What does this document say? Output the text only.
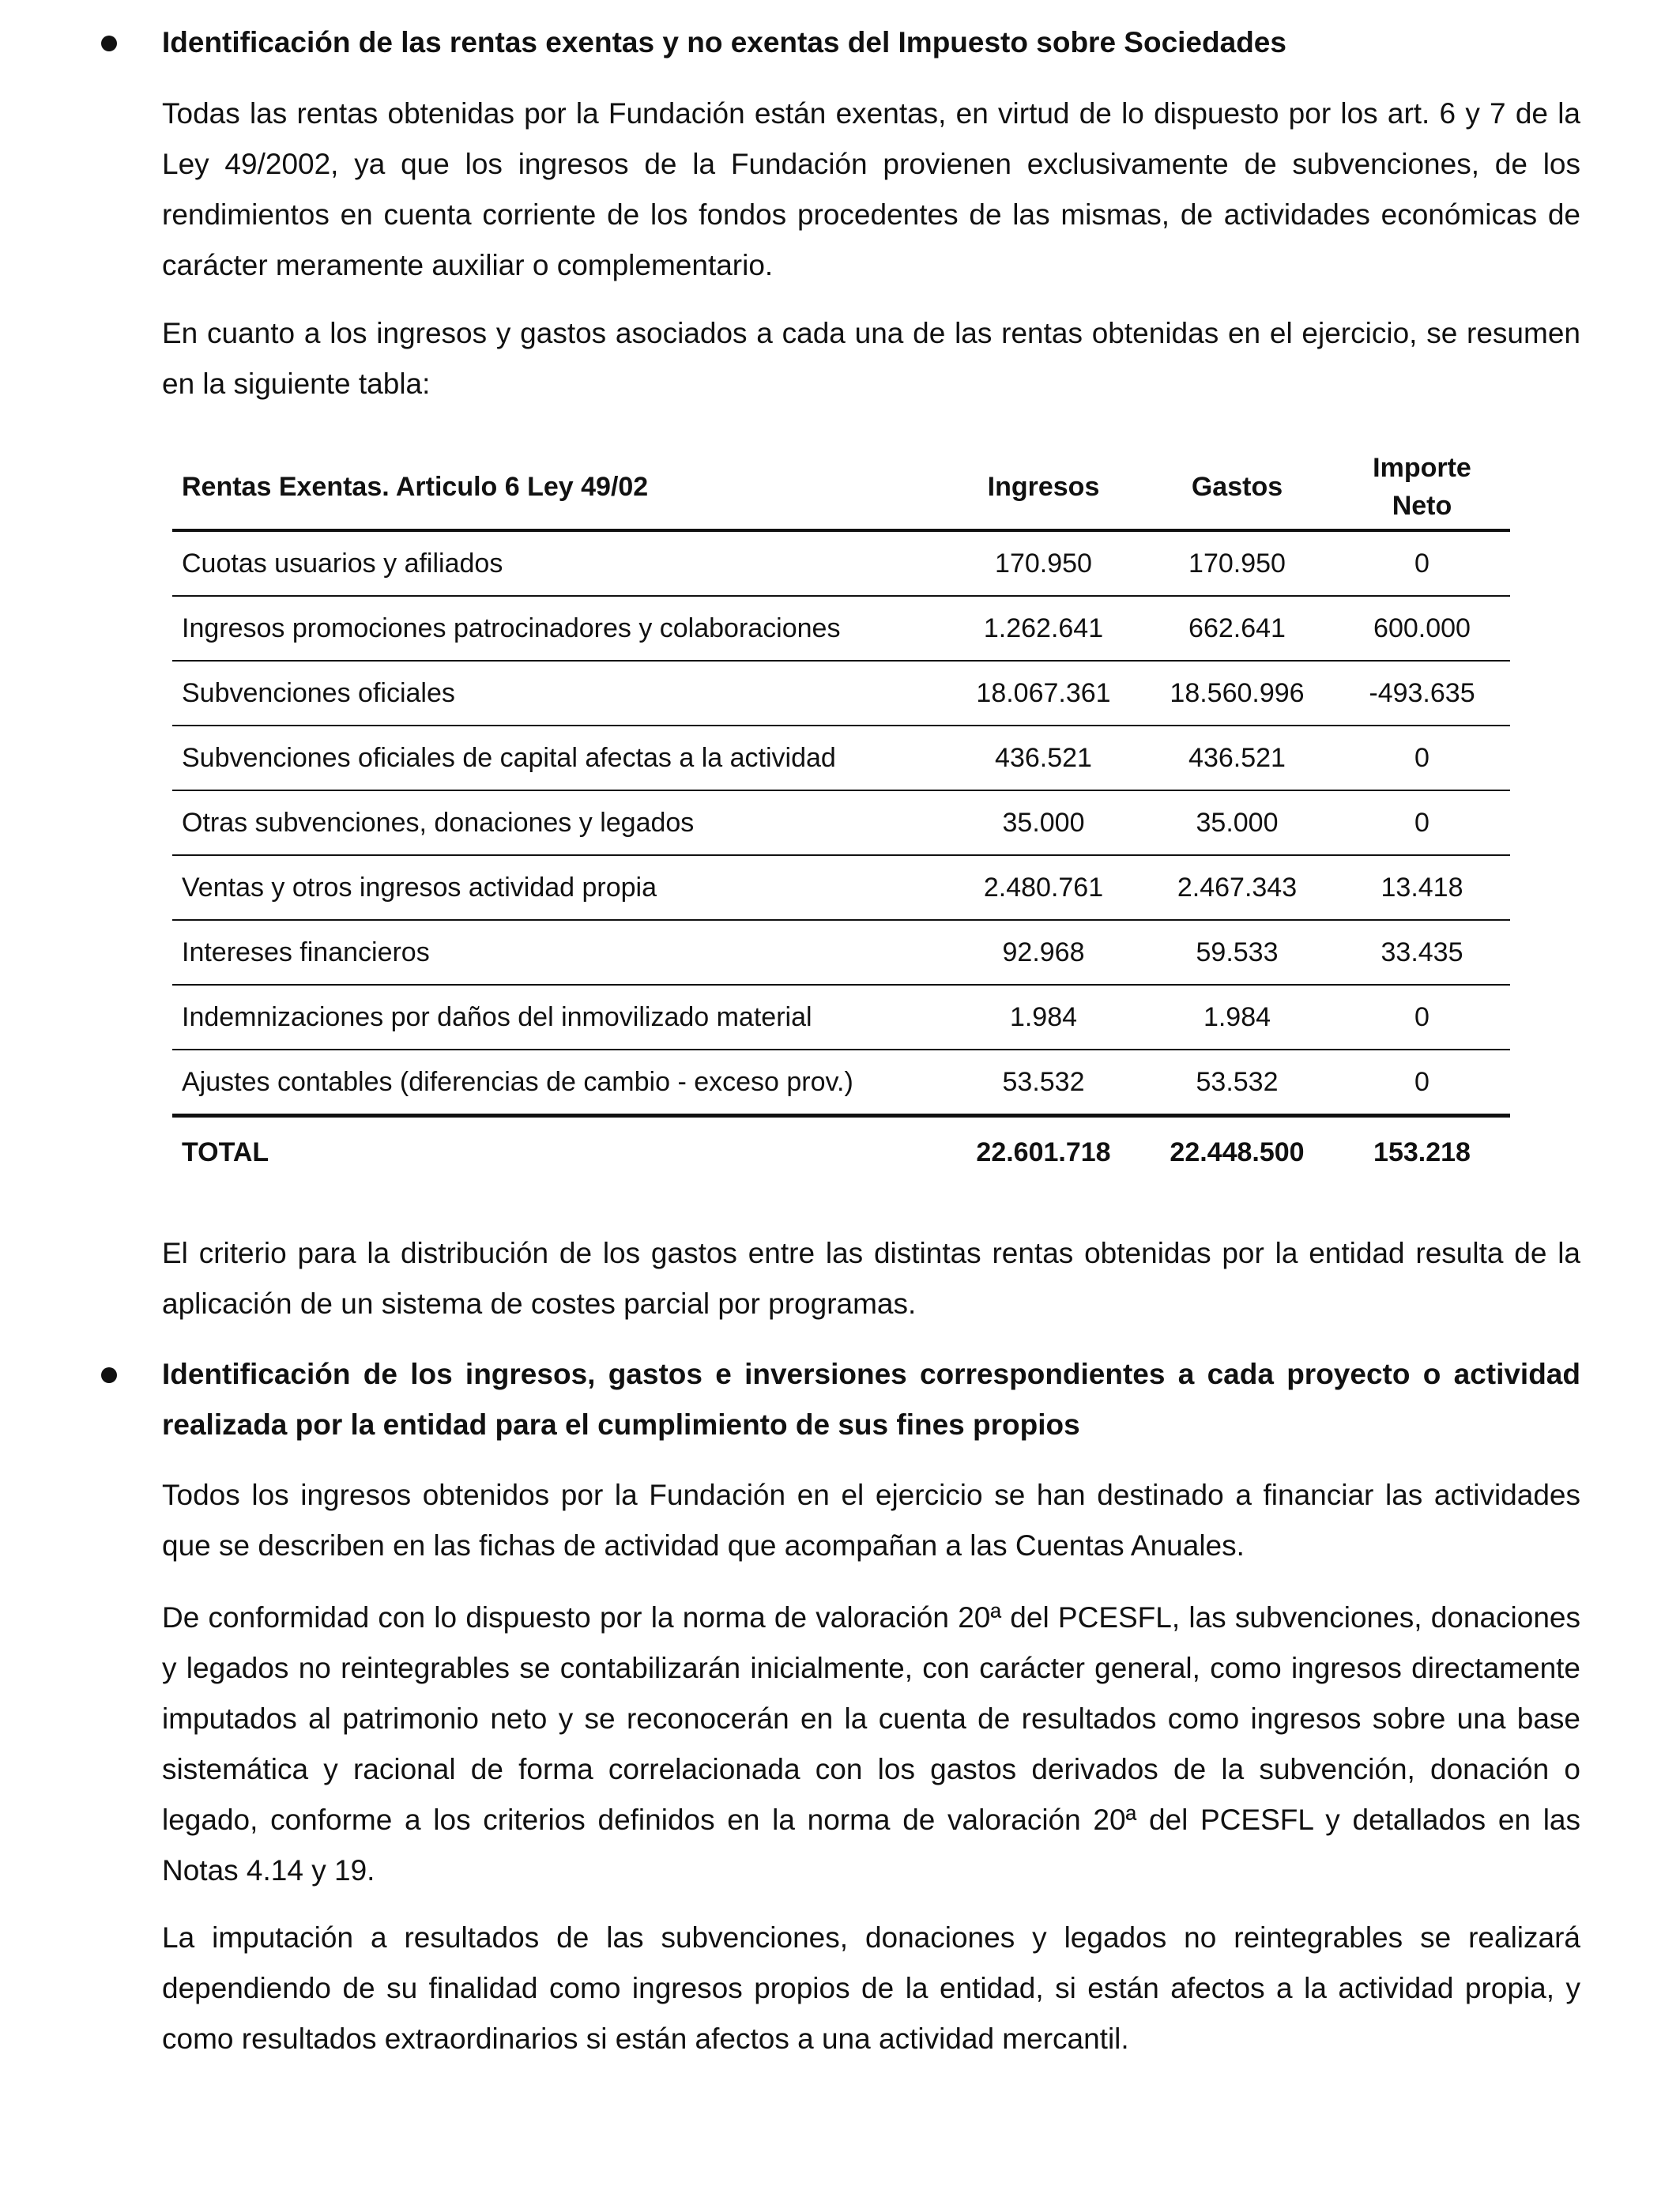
Identificación de las rentas exentas y no exentas del Impuesto sobre Sociedades
Todas las rentas obtenidas por la Fundación están exentas, en virtud de lo dispuesto por los art. 6 y 7 de la Ley 49/2002, ya que los ingresos de la Fundación provienen exclusivamente de subvenciones, de los rendimientos en cuenta corriente de los fondos procedentes de las mismas, de actividades económicas de carácter meramente auxiliar o complementario.
En cuanto a los ingresos y gastos asociados a cada una de las rentas obtenidas en el ejercicio, se resumen en la siguiente tabla:
Rentas Exentas. Articulo 6 Ley 49/02	Ingresos	Gastos	Importe Neto
Cuotas usuarios y afiliados	170.950	170.950	0
Ingresos promociones patrocinadores y colaboraciones	1.262.641	662.641	600.000
Subvenciones oficiales	18.067.361	18.560.996	-493.635
Subvenciones oficiales de capital afectas a la actividad	436.521	436.521	0
Otras subvenciones, donaciones y legados	35.000	35.000	0
Ventas y otros ingresos actividad propia	2.480.761	2.467.343	13.418
Intereses financieros	92.968	59.533	33.435
Indemnizaciones por daños del inmovilizado material	1.984	1.984	0
Ajustes contables (diferencias de cambio - exceso prov.)	53.532	53.532	0
TOTAL	22.601.718	22.448.500	153.218
El criterio para la distribución de los gastos entre las distintas rentas obtenidas por la entidad resulta de la aplicación de un sistema de costes parcial por programas.
Identificación de los ingresos, gastos e inversiones correspondientes a cada proyecto o actividad realizada por la entidad para el cumplimiento de sus fines propios
Todos los ingresos obtenidos por la Fundación en el ejercicio se han destinado a financiar las actividades que se describen en las fichas de actividad que acompañan a las Cuentas Anuales.
De conformidad con lo dispuesto por la norma de valoración 20ª del PCESFL, las subvenciones, donaciones y legados no reintegrables se contabilizarán inicialmente, con carácter general, como ingresos directamente imputados al patrimonio neto y se reconocerán en la cuenta de resultados como ingresos sobre una base sistemática y racional de forma correlacionada con los gastos derivados de la subvención, donación o legado, conforme a los criterios definidos en la norma de valoración 20ª del PCESFL y detallados en las Notas 4.14 y 19.
La imputación a resultados de las subvenciones, donaciones y legados no reintegrables se realizará dependiendo de su finalidad como ingresos propios de la entidad, si están afectos a la actividad propia, y como resultados extraordinarios si están afectos a una actividad mercantil.
